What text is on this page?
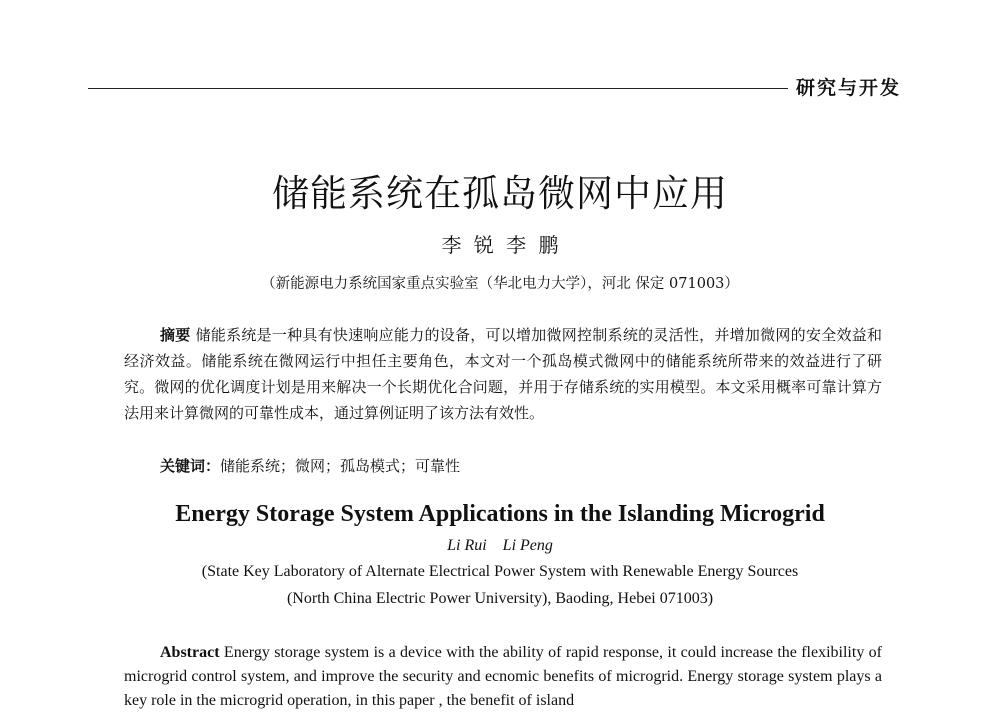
研究与开发
储能系统在孤岛微网中应用
李 锐 李 鹏
（新能源电力系统国家重点实验室（华北电力大学），河北 保定 071003）

摘要 储能系统是一种具有快速响应能力的设备，可以增加微网控制系统的灵活性，并增加微网的安全效益和经济效益。储能系统在微网运行中担任主要角色，本文对一个孤岛模式微网中的储能系统所带来的效益进行了研究。微网的优化调度计划是用来解决一个长期优化合问题，并用于存储系统的实用模型。本文采用概率可靠计算方法用来计算微网的可靠性成本，通过算例证明了该方法有效性。

关键词：储能系统；微网；孤岛模式；可靠性
Energy Storage System Applications in the Islanding Microgrid
Li Rui    Li Peng
(State Key Laboratory of Alternate Electrical Power System with Renewable Energy Sources
(North China Electric Power University), Baoding, Hebei 071003)

Abstract Energy storage system is a device with the ability of rapid response, it could increase the flexibility of microgrid control system, and improve the security and ecnomic benefits of microgrid. Energy storage system plays a key role in the microgrid operation, in this paper , the benefit of island
